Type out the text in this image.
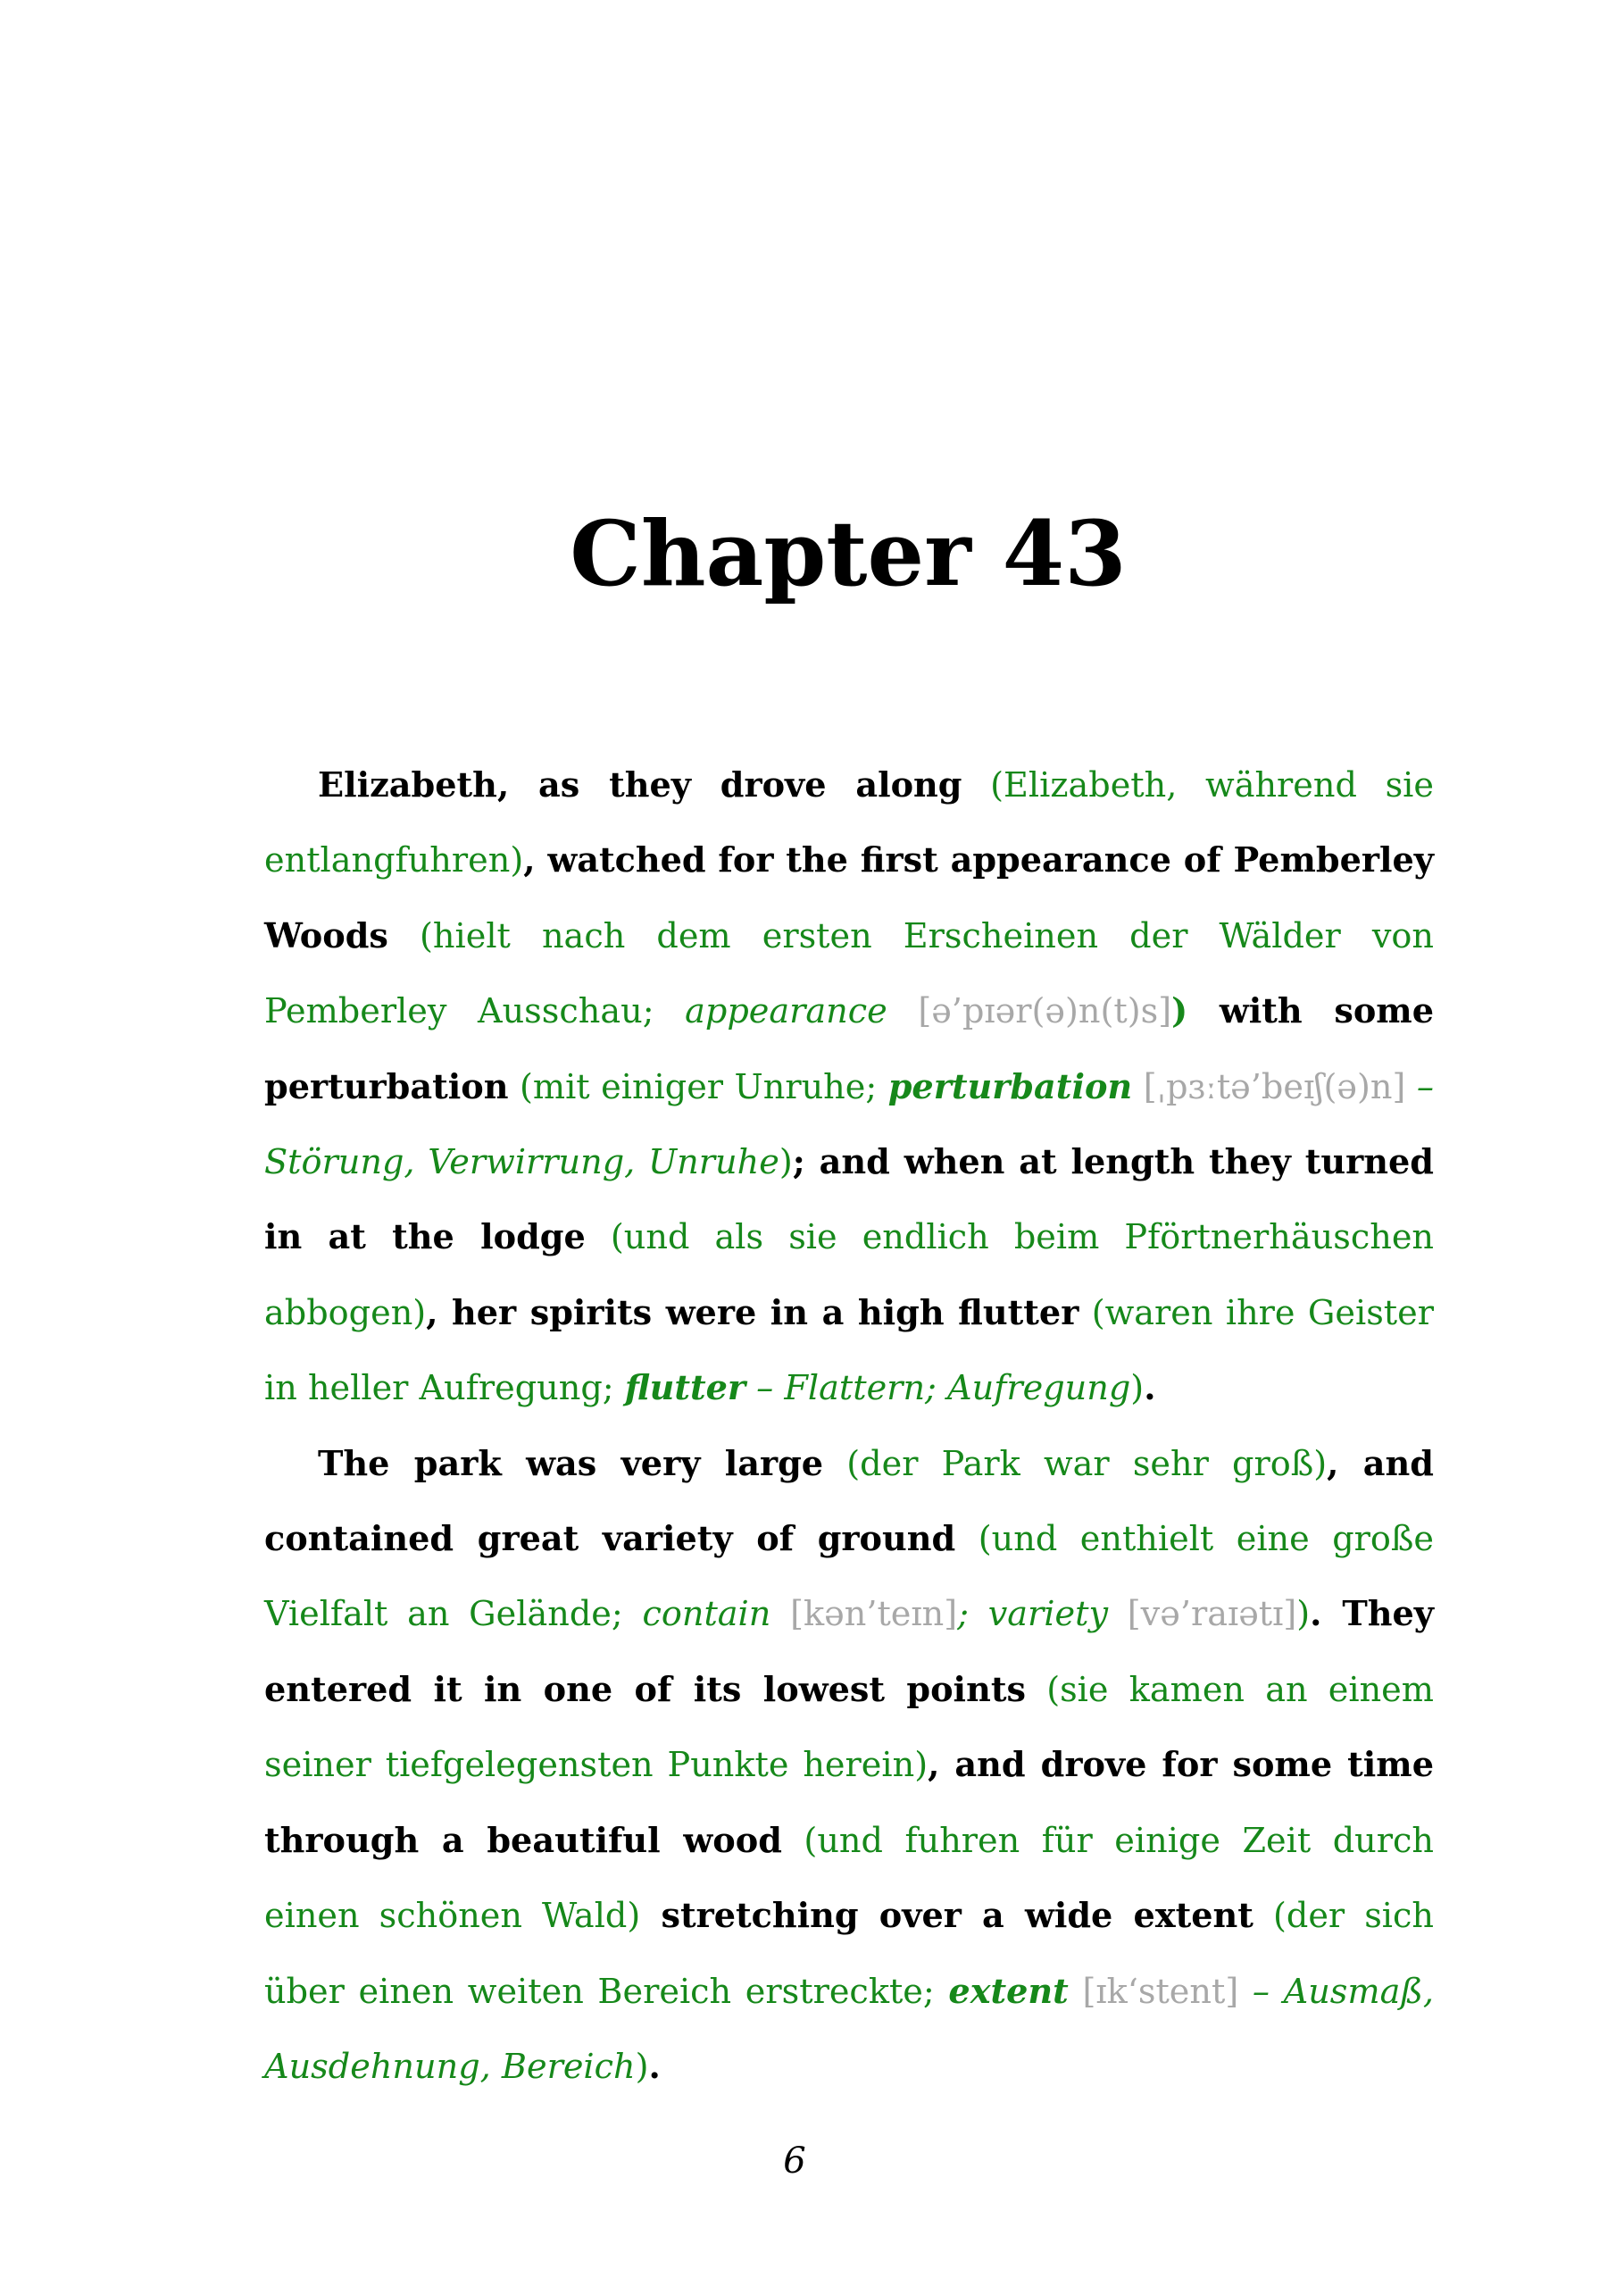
Chapter 43

Elizabeth, as they drove along (Elizabeth, während sie entlangfuhren), watched for the first appearance of Pemberley Woods (hielt nach dem ersten Erscheinen der Wälder von Pemberley Ausschau; appearance [ə’pɪər(ə)n(t)s]) with some perturbation (mit einiger Unruhe; perturbation [ˌpɜːtə’beɪʃ(ə)n] – Störung, Verwirrung, Unruhe); and when at length they turned in at the lodge (und als sie endlich beim Pförtnerhäuschen abbogen), her spirits were in a high flutter (waren ihre Geister in heller Aufregung; flutter – Flattern; Aufregung).

The park was very large (der Park war sehr groß), and contained great variety of ground (und enthielt eine große Vielfalt an Gelände; contain [kən’teɪn]; variety [və’raɪətɪ]). They entered it in one of its lowest points (sie kamen an einem seiner tiefgelegensten Punkte herein), and drove for some time through a beautiful wood (und fuhren für einige Zeit durch einen schönen Wald) stretching over a wide extent (der sich über einen weiten Bereich erstreckte; extent [ɪk‘stent] – Ausmaß, Ausdehnung, Bereich).

6
